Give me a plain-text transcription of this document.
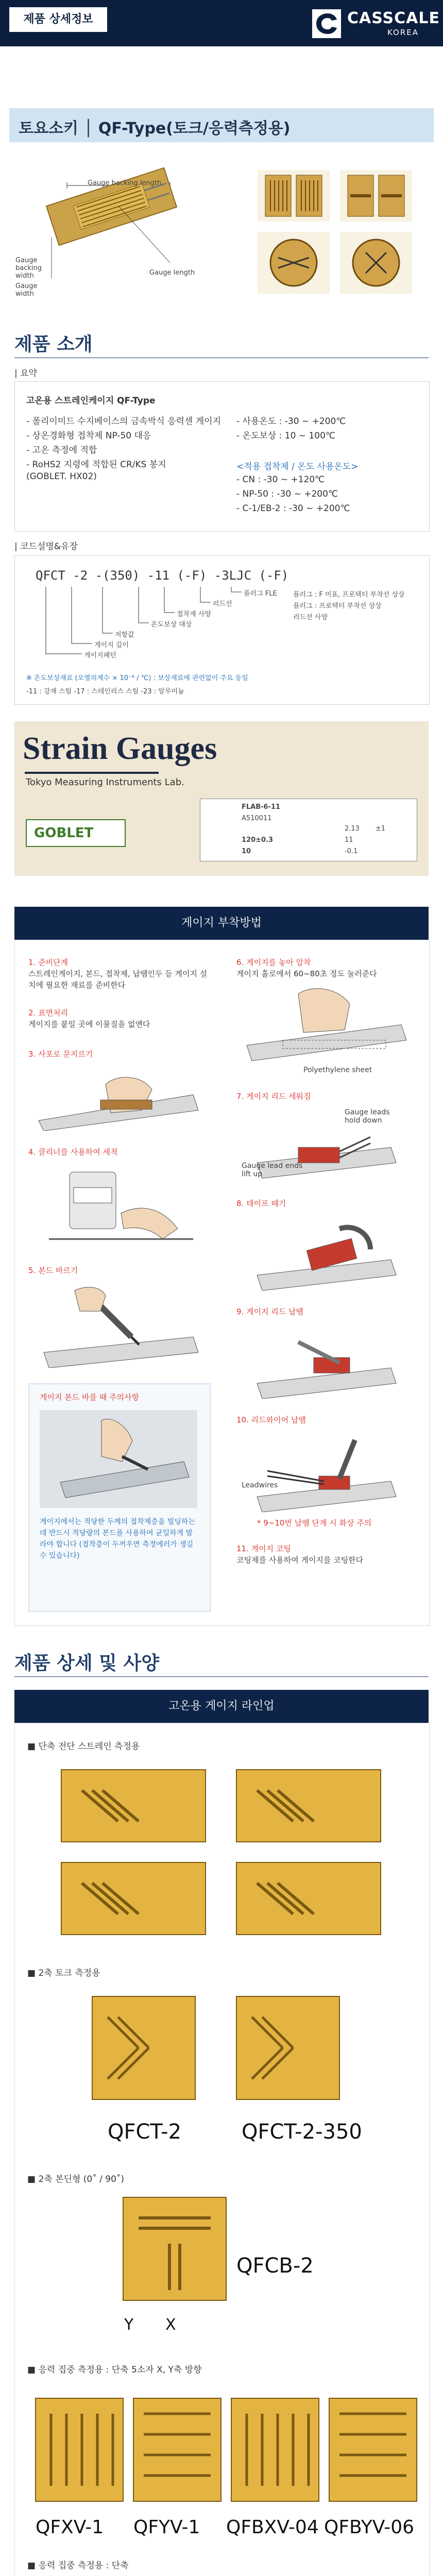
제품 상세정보	CASSCALE
KOREA
토요소키 │ QF-Type(토크/응력측정용)
Gauge backing length
Gauge length
Gauge backing width
Gauge width
제품 소개
| 요약
고온용 스트레인케이지 QF-Type
- 폴리이미드 수지베이스의 금속박식 응력센 게이지
- 상온경화형 접착제 NP-50 대응
- 고온 측정에 적합
- RoHS2 지령에 적합된 CR/KS 봉지
(GOBLET. HX02)
- 사용온도 : -30 ~ +200℃
- 온도보상 : 10 ~ 100℃
<적용 접착제 / 온도 사용온도>
- CN : -30 ~ +120℃
- NP-50 : -30 ~ +200℃
- C-1/EB-2 : -30 ~ +200℃
| 코드설명&유장
QFCT -2 -(350) -11 (-F) -3LJC (-F)
게이지패턴
게이지 길이
저항값
온도보상 대상
접착제 사양
리드선
플러그 FLE 플러그 : F 미표, 프로텍터 부착선 상상
플러그 : 프로텍터 부착선 상상
리드선 사양
※ 온도보상재료 (오열의계수 × 10⁻⁶ / ℃) : 보상재료에 관련없이 주요 동일
-11 : 강재 스틸 -17 : 스테인리스 스틸 -23 : 알루미늄
Strain Gauges
Tokyo Measuring Instruments Lab.
GOBLET
FLAB-6-11
A510011
2.13 ±1
120±0.3	11
10	-0.1
게이지 부착방법
1. 준비단계
스트레인게이지, 본드, 접착제, 납땜인두 등 게이지 설치에 필요한 재료를 준비한다
2. 표면처리
게이지를 붙일 곳에 이물질을 없앤다
3. 사포로 문지르기
4. 클리너를 사용하여 세척
5. 본드 바르기
게이지 본드 바를 때 주의사항
게이지에서는 적당한 두께의 접착제층을 빌딩하는데 반드시 적당량의 본드를 사용하여 균일하게 발라야 합니다 (접착층이 두꺼우면 측정에러가 생길 수 있습니다)
6. 게이지를 놓아 압착
게이지 홀로에서 60~80초 정도 눌러준다
Polyethylene sheet
7. 게이지 리드 세워짐
Gauge leads hold down
Gauge lead ends lift up
8. 테이프 떼기
9. 게이지 리드 납땜
10. 리드와이어 납땜
Leadwires
* 9~10번 납땜 단계 시 화상 주의
11. 게이지 코팅
코팅제를 사용하여 게이지를 코팅한다
제품 상세 및 사양
고온용 게이지 라인업
■ 단축 전단 스트레인 측정용
■ 2축 토크 측정용
QFCT-2	QFCT-2-350
■ 2축 본딘형 (0˚ / 90˚)
QFCB-2
Y X
■ 응력 집중 측정용 : 단축 5소자 X, Y축 방향
QFXV-1 QFYV-1 QFBXV-04 QFBYV-06
■ 응력 집중 측정용 : 단축
